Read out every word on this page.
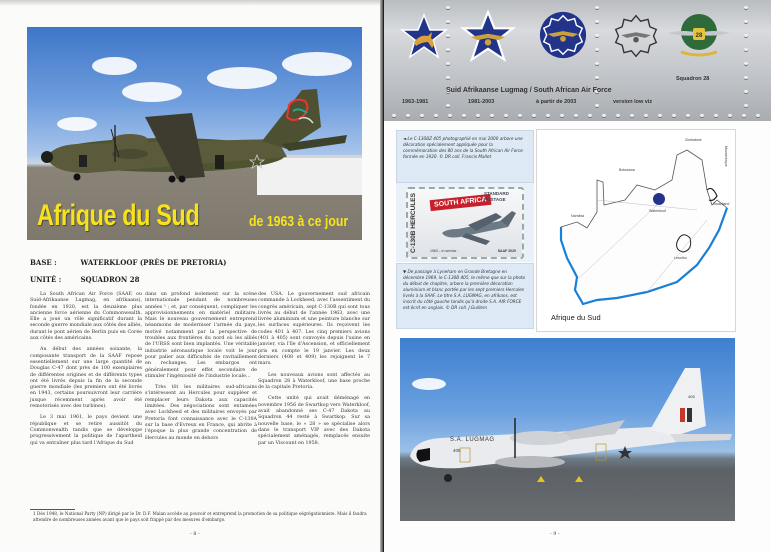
Afrique du Sud	de 1963 à ce jour
BASE :	WATERKLOOF (PRÈS DE PRETORIA)
UNITÉ :	SQUADRON 28

La South African Air Force (SAAF, ou Suid-Afrikaanse Lugmag, en afrikaans), fondée en 1920, est la deuxième plus ancienne force aérienne du Commonwealth. Elle a joué un rôle significatif durant la seconde guerre mondiale aux côtés des alliés, durant le pont aérien de Berlin puis en Corée aux côtés des américains.

Au début des années soixante, la composante transport de la SAAF repose essentiellement sur une large quantité de Douglas C-47 dont près de 100 exemplaires de différentes origines et de différents types ont été livrés depuis la fin de la seconde guerre mondiale (les premiers ont été livrés en 1943, certains poursuivront leur carrière jusque récemment après avoir été remotorisés avec des turbines).

Le 3 mai 1961, le pays devient une république et se retire aussitôt du Commonwealth tandis que se développe progressivement la politique de l'apartheid qui va entraîner plus tard l'Afrique du Sud

dans un profond isolement sur la scène internationale pendant de nombreuses années ¹ ; et, par conséquent, compliquer les approvisionnements en matériel militaire. Mais le nouveau gouvernement entreprend néanmoins de moderniser l'armée du pays, motivé notamment par la perspective de troubles aux frontières du nord où les alliés de l'URSS sont bien implantés. Une véritable industrie aéronautique locale voit le jour pour palier aux difficultés de ravitaillement en rechanges. Les embargos ont généralement pour effet secondaire de stimuler l'ingéniosité de l'industrie locale…

Très tôt les militaires sud-africains s'intéressent au Hercules pour suppléer et remplacer leurs Dakota aux capacités limitées. Des négociations sont entamées avec Lockheed et des militaires envoyés par Pretoria font connaissance avec le C-130A sur la base d'Evreux en France, qui abrite à l'époque la plus grande concentration de Hercules au monde en dehors

des USA. Le gouvernement sud africain commande à Lockheed, avec l'assentiment du congrès américain, sept C-130B qui sont tous livrés au début de l'année 1963, avec une livrée aluminium et une peinture blanche sur les surfaces supérieures. Ils reçoivent les codes 401 à 407. Les cinq premiers avions (401 à 405) sont convoyés depuis l'usine en janvier, via l'île d'Ascension, et officiellement pris en compte le 19 janvier. Les deux derniers (408 et 409) les rejoignent le 7 mars.

Les nouveaux avions sont affectés au Squadron 28 à Waterkloof, une base proche de la capitale Pretoria.

Cette unité qui avait déménagé en novembre 1956 de Swartkop vers Waterkloof, avait abandonné ses C-47 Dakota au Squadron 44 resté à Swartkop. Sur sa nouvelle base, le « 28 » se spécialise alors dans le transport VIP avec des Dakota spécialement aménagés, remplacés ensuite par un Viscount en 1958.

1 Dès 1948, le National Party (NP) dirigé par le Dr. D.F. Malan accède au pouvoir et entreprend la promotion de sa politique ségrégationniste. Mais il faudra attendre de nombreuses années avant que le pays soit frappé par des mesures d'embargo.
- 8 -
28
Suid Afrikaanse Lugmag / South African Air Force
1963-1981	1981-2003	à partir de 2003	version low viz
Squadron 28
◄ Le C-130BZ 405 photographié en mai 2000 arbore une décoration spécialement appliquée pour la commémoration des 80 ans de la South African Air Force formée en 1920. © DR coll. Francis Mallet
C-130B HERCULES	SOUTH AFRICA
STANDARD POSTAGE
1963 – in service	SAAF 2020
▼ De passage à Lyneham en Grande Bretagne en décembre 1969, le C-130B 405, le même que sur la photo du début de chapitre, arbore la première décoration aluminium et blanc portée par les sept premiers Hercules livrés à la SAAF. Le titre S.A. LUGMAG, en afrikans, est inscrit du côté gauche tandis qu'à droite S.A. AIR FORCE est écrit en anglais. © DR coll. J.Guillem
Zimbabwe
Botswana
Mozambique
Swaziland
Waterkloof
Namibia
Lesotho
Afrique du Sud
S.A. LUGMAG
405
405
- 9 -
